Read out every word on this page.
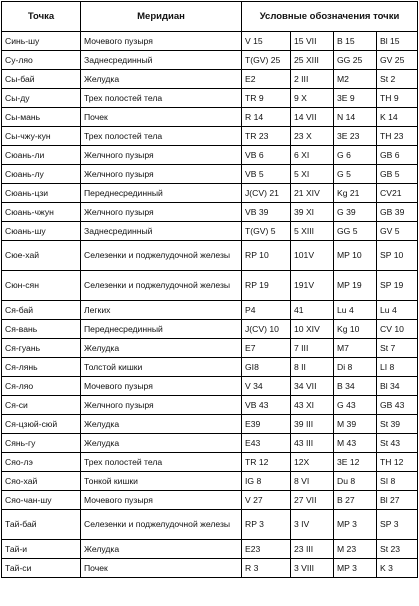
Точка	Меридиан	Условные обозначения точки			
Синь-шу	Мочевого пузыря	V 15	15 VII	B 15	Bl 15
Су-ляо	Заднесрединный	T(GV) 25	25 XIII	GG 25	GV 25
Сы-бай	Желудка	E2	2 III	M2	St 2
Сы-ду	Трех полостей тела	TR 9	9 X	3E 9	TH 9
Сы-мань	Почек	R 14	14 VII	N 14	K 14
Сы-чжу-кун	Трех полостей тела	TR 23	23 X	3E 23	TH 23
Сюань-ли	Желчного пузыря	VB 6	6 XI	G 6	GB 6
Сюань-лу	Желчного пузыря	VB 5	5 XI	G 5	GB 5
Сюань-цзи	Переднесрединный	J(CV) 21	21 XIV	Kg 21	CV21
Сюань-чжун	Желчного пузыря	VB 39	39 XI	G 39	GB 39
Сюань-шу	Заднесрединный	T(GV) 5	5 XIII	GG 5	GV 5
Сюе-хай	Селезенки и поджелудочной железы	RP 10	101V	MP 10	SP 10
Сюн-сян	Селезенки и поджелудочной железы	RP 19	191V	MP 19	SP 19
Ся-бай	Легких	P4	41	Lu 4	Lu 4
Ся-вань	Переднесрединный	J(CV) 10	10 XIV	Kg 10	CV 10
Ся-гуань	Желудка	E7	7 III	M7	St 7
Ся-лянь	Толстой кишки	GI8	8 II	Di 8	LI 8
Ся-ляо	Мочевого пузыря	V 34	34 VII	B 34	Bl 34
Ся-си	Желчного пузыря	VB 43	43 XI	G 43	GB 43
Ся-цзюй-сюй	Желудка	E39	39 III	M 39	St 39
Сянь-гу	Желудка	E43	43 III	M 43	St 43
Сяо-лэ	Трех полостей тела	TR 12	12X	3E 12	TH 12
Сяо-хай	Тонкой кишки	IG 8	8 VI	Du 8	SI 8
Сяо-чан-шу	Мочевого пузыря	V 27	27 VII	B 27	Bl 27
Тай-бай	Селезенки и поджелудочной железы	RP 3	3 IV	MP 3	SP 3
Тай-и	Желудка	E23	23 III	M 23	St 23
Тай-си	Почек	R 3	3 VIII	MP 3	K 3
